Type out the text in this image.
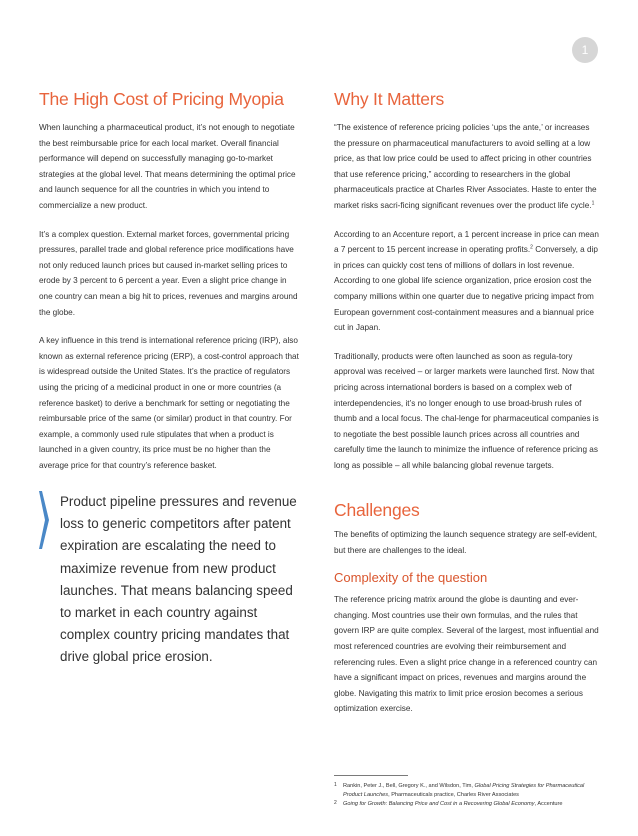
1
The High Cost of Pricing Myopia

When launching a pharmaceutical product, it’s not enough to negotiate the best reimbursable price for each local market. Overall financial performance will depend on successfully managing go-to-market strategies at the global level. That means determining the optimal price and launch sequence for all the countries in which you intend to commercialize a new product.

It’s a complex question. External market forces, governmental pricing pressures, parallel trade and global reference price modifications have not only reduced launch prices but caused in-market selling prices to erode by 3 percent to 6 percent a year. Even a slight price change in one country can mean a big hit to prices, revenues and margins around the globe.

A key influence in this trend is international reference pricing (IRP), also known as external reference pricing (ERP), a cost-control approach that is widespread outside the United States. It’s the practice of regulators using the pricing of a medicinal product in one or more countries (a reference basket) to derive a benchmark for setting or negotiating the reimbursable price of the same (or similar) product in that country. For example, a commonly used rule stipulates that when a product is launched in a given country, its price must be no higher than the average price for that country’s reference basket.

Product pipeline pressures and revenue loss to generic competitors after patent expiration are escalating the need to maximize revenue from new product launches. That means balancing speed to market in each country against complex country pricing mandates that drive global price erosion.

Why It Matters

“The existence of reference pricing policies ‘ups the ante,’ or increases the pressure on pharmaceutical manufacturers to avoid selling at a low price, as that low price could be used to affect pricing in other countries that use reference pricing,” according to researchers in the global pharmaceuticals practice at Charles River Associates. Haste to enter the market risks sacri-ficing significant revenues over the product life cycle.$^1$

According to an Accenture report, a 1 percent increase in price can mean a 7 percent to 15 percent increase in operating profits.$^2$ Conversely, a dip in prices can quickly cost tens of millions of dollars in lost revenue. According to one global life science organization, price erosion cost the company millions within one quarter due to negative pricing impact from European government cost-containment measures and a biannual price cut in Japan.

Traditionally, products were often launched as soon as regula-tory approval was received – or larger markets were launched first. Now that pricing across international borders is based on a complex web of interdependencies, it’s no longer enough to use broad-brush rules of thumb and a local focus. The chal-lenge for pharmaceutical companies is to negotiate the best possible launch prices across all countries and carefully time the launch to minimize the influence of reference pricing as long as possible – all while balancing global revenue targets.

Challenges

The benefits of optimizing the launch sequence strategy are self-evident, but there are challenges to the ideal.

Complexity of the question

The reference pricing matrix around the globe is daunting and ever-changing. Most countries use their own formulas, and the rules that govern IRP are quite complex. Several of the largest, most influential and most referenced countries are evolving their reimbursement and referencing rules. Even a slight price change in a referenced country can have a significant impact on prices, revenues and margins around the globe. Navigating this matrix to limit price erosion becomes a serious optimization exercise.

1 Rankin, Peter J., Bell, Gregory K., and Wilsdon, Tim, Global Pricing Strategies for Pharmaceutical Product Launches, Pharmaceuticals practice, Charles River Associates

2 Going for Growth: Balancing Price and Cost in a Recovering Global Economy, Accenture
